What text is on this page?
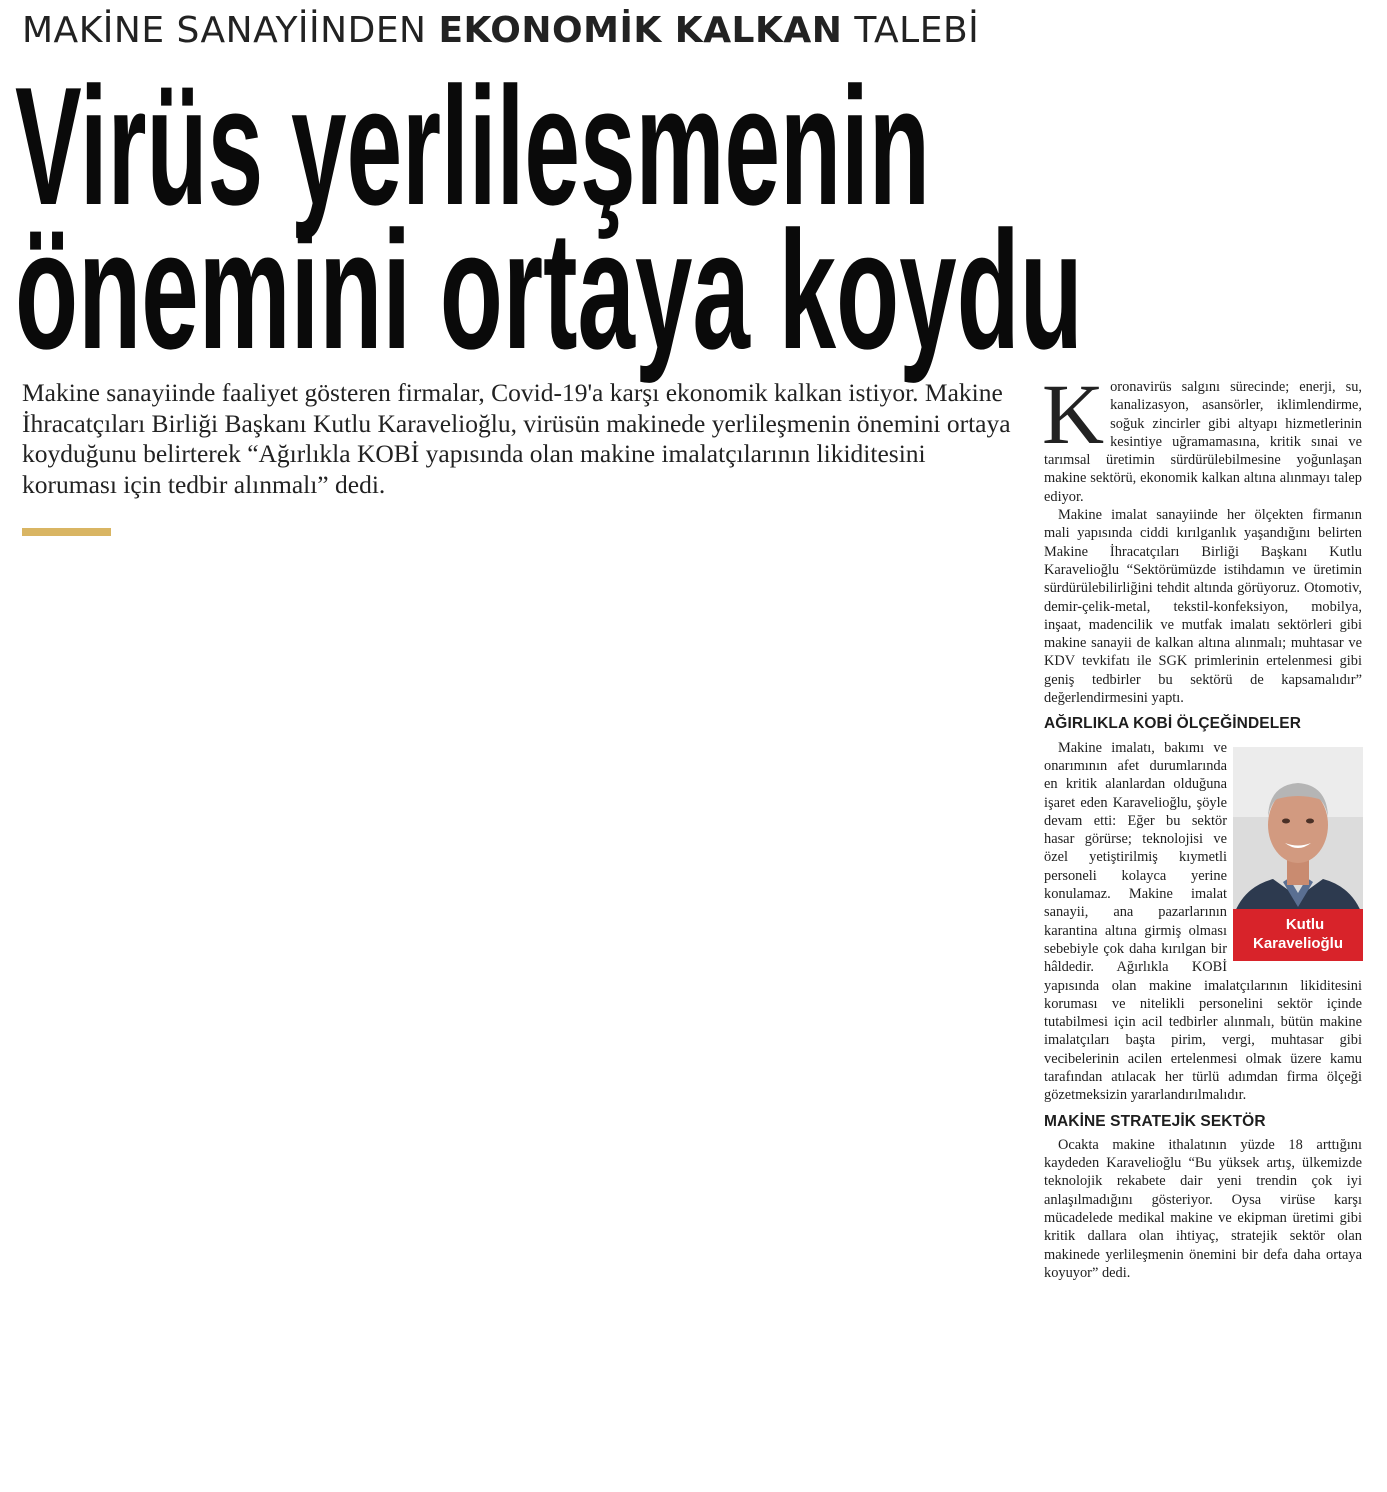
MAKİNE SANAYİİNDEN EKONOMİK KALKAN TALEBİ
Virüs yerlileşmenin
önemini ortaya koydu

Makine sanayiinde faaliyet gösteren firmalar, Covid-19'a karşı ekonomik kalkan istiyor. Makine İhracatçıları Birliği Başkanı Kutlu Karavelioğlu, virüsün makinede yerlileşmenin önemini ortaya koyduğunu belirterek “Ağırlıkla KOBİ yapısında olan makine imalatçılarının likiditesini koruması için tedbir alınmalı” dedi.

Koronavirüs salgını sürecinde; enerji, su, kanalizasyon, asansörler, iklimlendirme, soğuk zincirler gibi altyapı hizmetlerinin kesintiye uğramamasına, kritik sınai ve tarımsal üretimin sürdürülebilmesine yoğunlaşan makine sektörü, ekonomik kalkan altına alınmayı talep ediyor.

Makine imalat sanayiinde her ölçekten firmanın mali yapısında ciddi kırılganlık yaşandığını belirten Makine İhracatçıları Birliği Başkanı Kutlu Karavelioğlu “Sektörümüzde istihdamın ve üretimin sürdürülebilirliğini tehdit altında görüyoruz. Otomotiv, demir-çelik-metal, tekstil-konfeksiyon, mobilya, inşaat, madencilik ve mutfak imalatı sektörleri gibi makine sanayii de kalkan altına alınmalı; muhtasar ve KDV tevkifatı ile SGK primlerinin ertelenmesi gibi geniş tedbirler bu sektörü de kapsamalıdır” değerlendirmesini yaptı.

AĞIRLIKLA KOBİ ÖLÇEĞİNDELER

Kutlu
Karavelioğlu
Makine imalatı, bakımı ve onarımının afet durumlarında en kritik alanlardan olduğuna işaret eden Karavelioğlu, şöyle devam etti: Eğer bu sektör hasar görürse; teknolojisi ve özel yetiştirilmiş kıymetli personeli kolayca yerine konulamaz. Makine imalat sanayii, ana pazarlarının karantina altına girmiş olması sebebiyle çok daha kırılgan bir hâldedir. Ağırlıkla KOBİ yapısında olan makine imalatçılarının likiditesini koruması ve nitelikli personelini sektör içinde tutabilmesi için acil tedbirler alınmalı, bütün makine imalatçıları başta pirim, vergi, muhtasar gibi vecibelerinin acilen ertelenmesi olmak üzere kamu tarafından atılacak her türlü adımdan firma ölçeği gözetmeksizin yararlandırılmalıdır.

MAKİNE STRATEJİK SEKTÖR

Ocakta makine ithalatının yüzde 18 arttığını kaydeden Karavelioğlu “Bu yüksek artış, ülkemizde teknolojik rekabete dair yeni trendin çok iyi anlaşılmadığını gösteriyor. Oysa virüse karşı mücadelede medikal makine ve ekipman üretimi gibi kritik dallara olan ihtiyaç, stratejik sektör olan makinede yerlileşmenin önemini bir defa daha ortaya koyuyor” dedi.
